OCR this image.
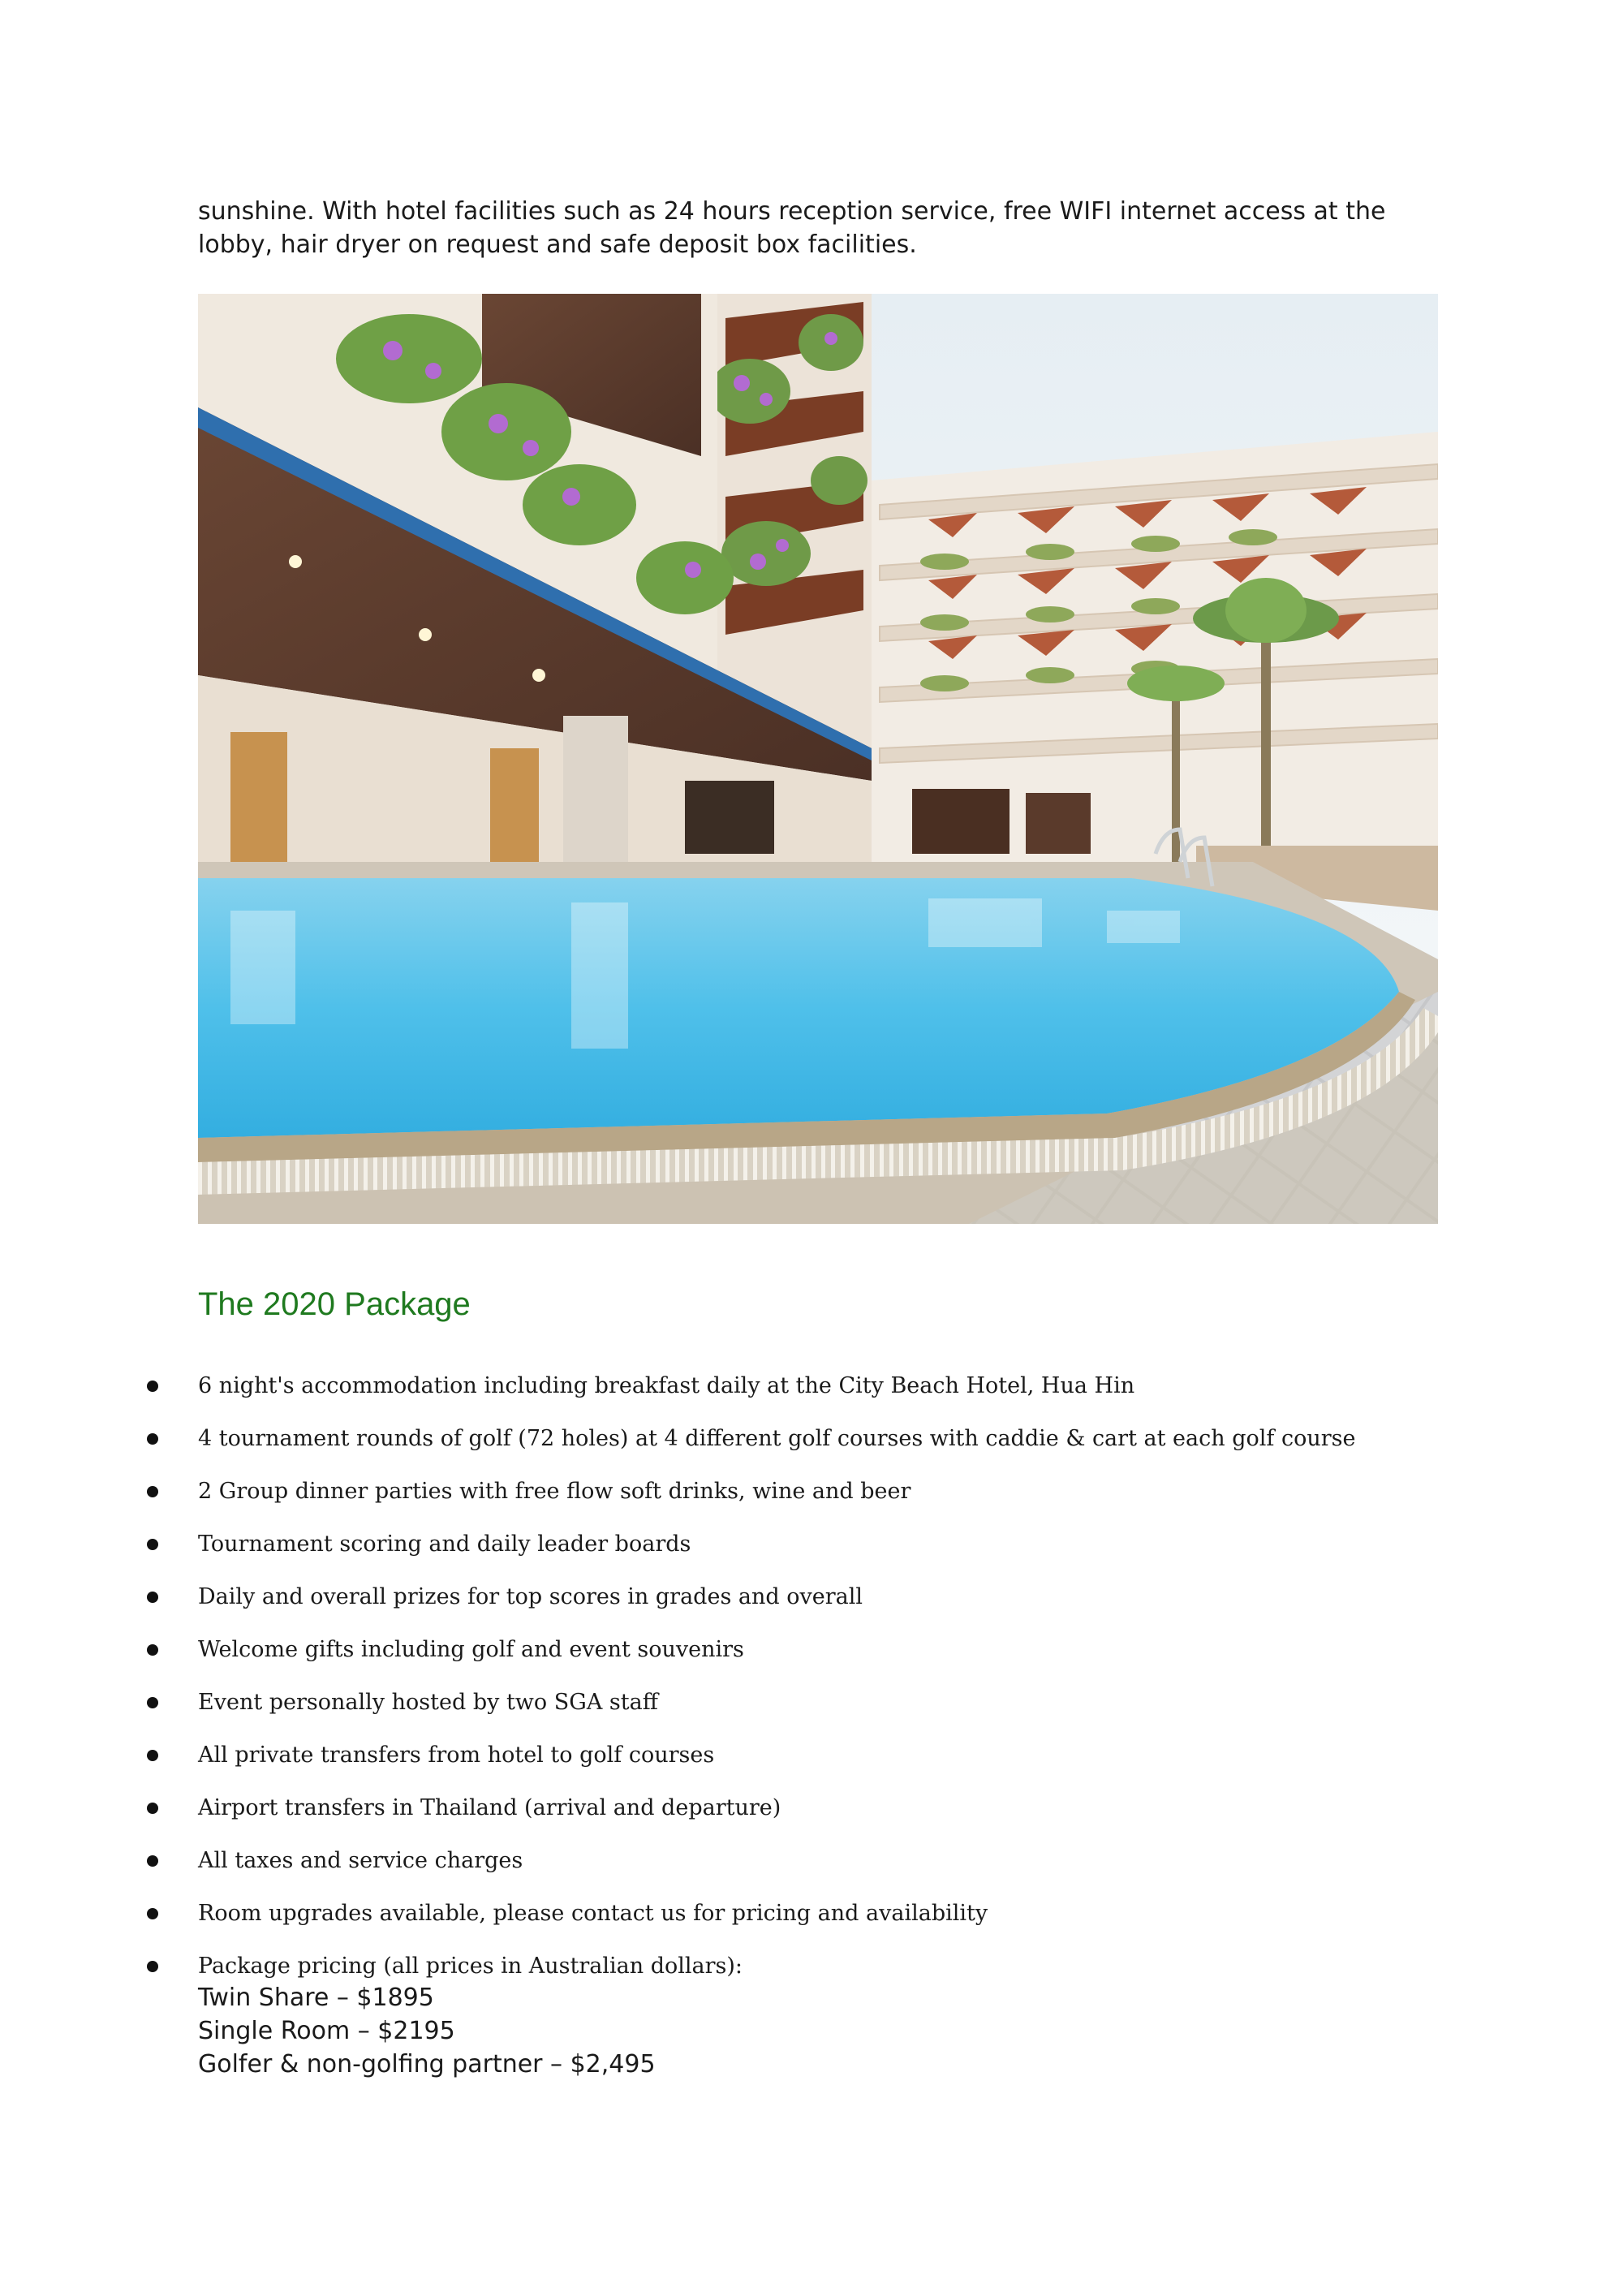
sunshine. With hotel facilities such as 24 hours reception service, free WIFI internet access at the lobby, hair dryer on request and safe deposit box facilities.

The 2020 Package
6 night's accommodation including breakfast daily at the City Beach Hotel, Hua Hin
4 tournament rounds of golf (72 holes) at 4 different golf courses with caddie & cart at each golf course
2 Group dinner parties with free flow soft drinks, wine and beer
Tournament scoring and daily leader boards
Daily and overall prizes for top scores in grades and overall
Welcome gifts including golf and event souvenirs
Event personally hosted by two SGA staff
All private transfers from hotel to golf courses
Airport transfers in Thailand (arrival and departure)
All taxes and service charges
Room upgrades available, please contact us for pricing and availability
Package pricing (all prices in Australian dollars):
Twin Share – $1895
Single Room – $2195
Golfer & non-golfing partner – $2,495
